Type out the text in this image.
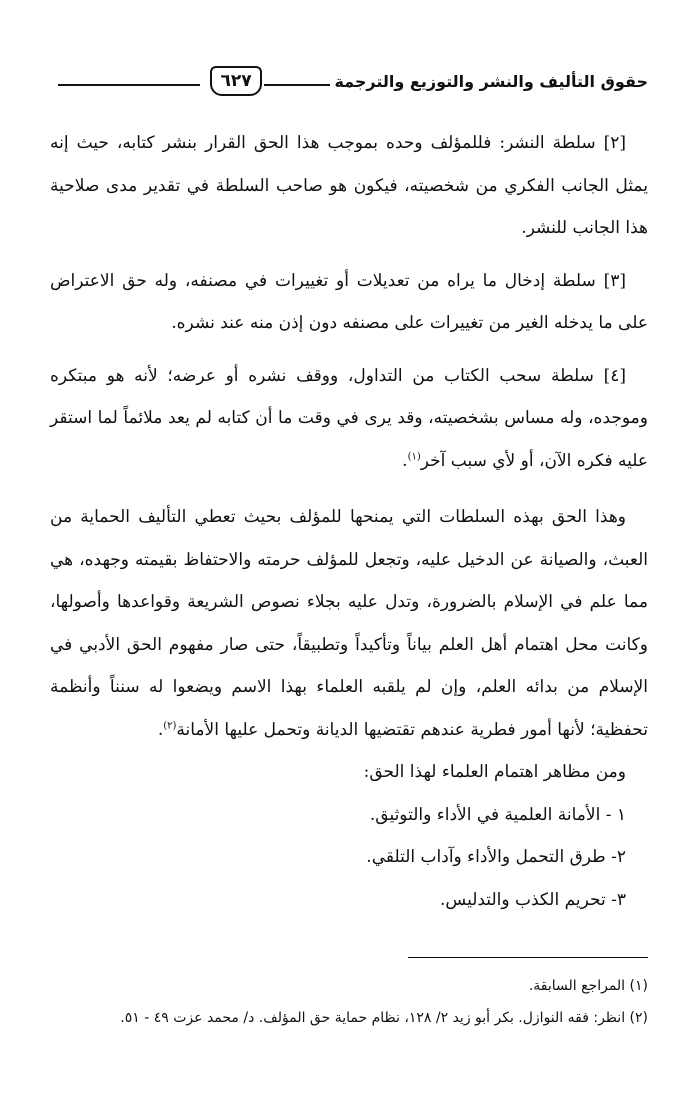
حقوق التأليف والنشر والتوزيع والترجمة
٦٢٧

[٢] سلطة النشر: فللمؤلف وحده بموجب هذا الحق القرار بنشر كتابه، حيث إنه يمثل الجانب الفكري من شخصيته، فيكون هو صاحب السلطة في تقدير مدى صلاحية هذا الجانب للنشر.

[٣] سلطة إدخال ما يراه من تعديلات أو تغييرات في مصنفه، وله حق الاعتراض على ما يدخله الغير من تغييرات على مصنفه دون إذن منه عند نشره.

[٤] سلطة سحب الكتاب من التداول، ووقف نشره أو عرضه؛ لأنه هو مبتكره وموجده، وله مساس بشخصيته، وقد يرى في وقت ما أن كتابه لم يعد ملائماً لما استقر عليه فكره الآن، أو لأي سبب آخر$^{(١)}$.

وهذا الحق بهذه السلطات التي يمنحها للمؤلف بحيث تعطي التأليف الحماية من العبث، والصيانة عن الدخيل عليه، وتجعل للمؤلف حرمته والاحتفاظ بقيمته وجهده، هي مما علم في الإسلام بالضرورة، وتدل عليه بجلاء نصوص الشريعة وقواعدها وأصولها، وكانت محل اهتمام أهل العلم بياناً وتأكيداً وتطبيقاً، حتى صار مفهوم الحق الأدبي في الإسلام من بدائه العلم، وإن لم يلقبه العلماء بهذا الاسم ويضعوا له سنناً وأنظمة تحفظية؛ لأنها أمور فطرية عندهم تقتضيها الديانة وتحمل عليها الأمانة$^{(٢)}$.

ومن مظاهر اهتمام العلماء لهذا الحق:

١ - الأمانة العلمية في الأداء والتوثيق.

٢- طرق التحمل والأداء وآداب التلقي.

٣- تحريم الكذب والتدليس.

(١) المراجع السابقة.

(٢) انظر: فقه النوازل. بكر أبو زيد ٢/ ١٢٨، نظام حماية حق المؤلف. د/ محمد عزت ٤٩ - ٥١.
